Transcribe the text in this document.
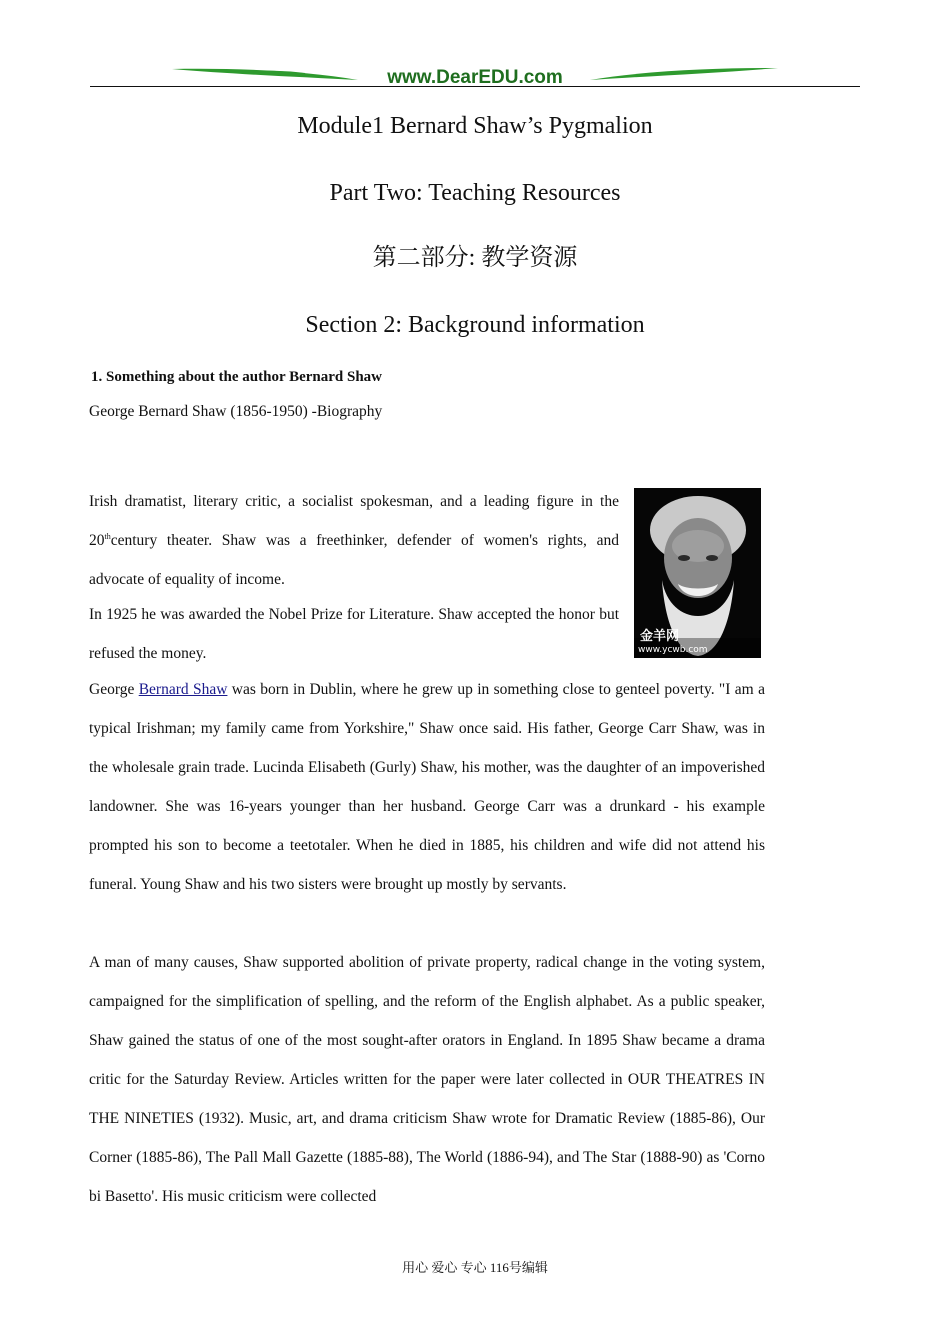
www.DearEDU.com
Module1 Bernard Shaw’s Pygmalion
Part Two: Teaching Resources
第二部分: 教学资源
Section 2: Background information
1. Something about the author Bernard Shaw
George Bernard Shaw (1856-1950) -Biography

Irish dramatist, literary critic, a socialist spokesman, and a leading figure in the 20thcentury theater. Shaw was a freethinker, defender of women's rights, and advocate of equality of income.

In 1925 he was awarded the Nobel Prize for Literature. Shaw accepted the honor but refused the money.

金羊网
www.ycwb.com

George Bernard Shaw was born in Dublin, where he grew up in something close to genteel poverty. "I am a typical Irishman; my family came from Yorkshire," Shaw once said. His father, George Carr Shaw, was in the wholesale grain trade. Lucinda Elisabeth (Gurly) Shaw, his mother, was the daughter of an impoverished landowner. She was 16-years younger than her husband. George Carr was a drunkard - his example prompted his son to become a teetotaler. When he died in 1885, his children and wife did not attend his funeral. Young Shaw and his two sisters were brought up mostly by servants.

A man of many causes, Shaw supported abolition of private property, radical change in the voting system, campaigned for the simplification of spelling, and the reform of the English alphabet. As a public speaker, Shaw gained the status of one of the most sought-after orators in England. In 1895 Shaw became a drama critic for the Saturday Review. Articles written for the paper were later collected in OUR THEATRES IN THE NINETIES (1932). Music, art, and drama criticism Shaw wrote for Dramatic Review (1885-86), Our Corner (1885-86), The Pall Mall Gazette (1885-88), The World (1886-94), and The Star (1888-90) as 'Corno bi Basetto'. His music criticism were collected

用心 爱心 专心 116号编辑
